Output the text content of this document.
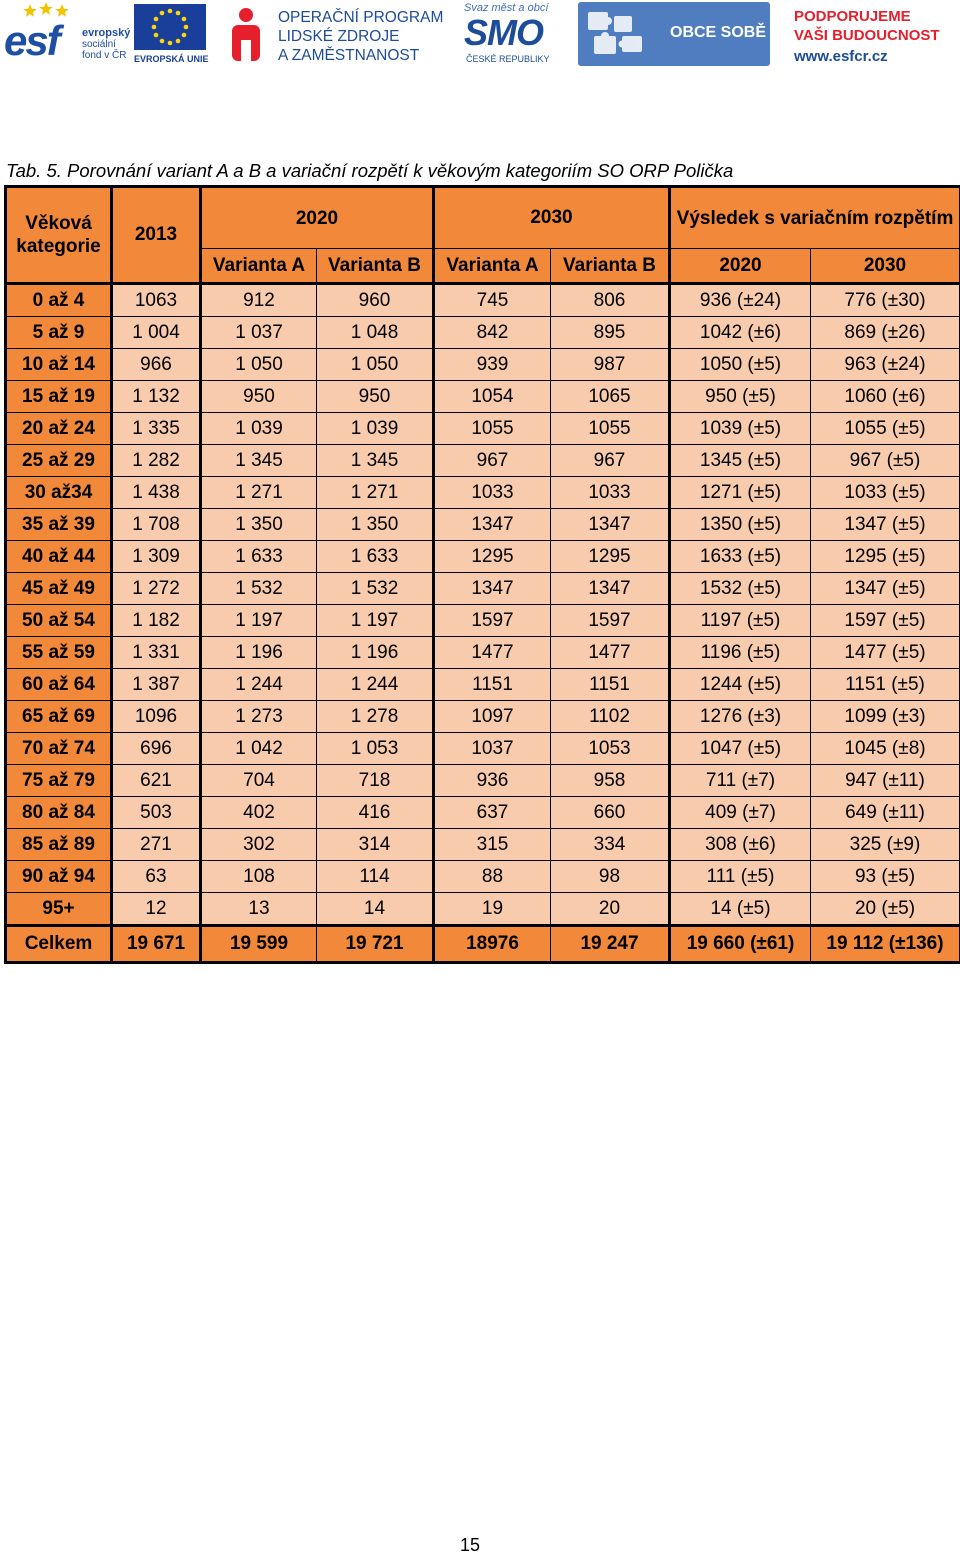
esf evropský
sociální
fond v ČR EVROPSKÁ UNIE
OPERAČNÍ PROGRAM
LIDSKÉ ZDROJE
A ZAMĚSTNANOST
Svaz měst a obcí
SMO
ČESKÉ REPUBLIKY
OBCE SOBĚ
PODPORUJEME
VAŠI BUDOUCNOST
www.esfcr.cz
Tab. 5. Porovnání variant A a B a variační rozpětí k věkovým kategoriím SO ORP Polička
Věková kategorie	2013	2020		2030		Výsledek s variačním rozpětím	
		Varianta A	Varianta B	Varianta A	Varianta B	2020	2030
0 až 4	1063	912	960	745	806	936 (±24)	776 (±30)
5 až 9	1 004	1 037	1 048	842	895	1042 (±6)	869 (±26)
10 až 14	966	1 050	1 050	939	987	1050 (±5)	963 (±24)
15 až 19	1 132	950	950	1054	1065	950 (±5)	1060 (±6)
20 až 24	1 335	1 039	1 039	1055	1055	1039 (±5)	1055 (±5)
25 až 29	1 282	1 345	1 345	967	967	1345 (±5)	967 (±5)
30 až34	1 438	1 271	1 271	1033	1033	1271 (±5)	1033 (±5)
35 až 39	1 708	1 350	1 350	1347	1347	1350 (±5)	1347 (±5)
40 až 44	1 309	1 633	1 633	1295	1295	1633 (±5)	1295 (±5)
45 až 49	1 272	1 532	1 532	1347	1347	1532 (±5)	1347 (±5)
50 až 54	1 182	1 197	1 197	1597	1597	1197 (±5)	1597 (±5)
55 až 59	1 331	1 196	1 196	1477	1477	1196 (±5)	1477 (±5)
60 až 64	1 387	1 244	1 244	1151	1151	1244 (±5)	1151 (±5)
65 až 69	1096	1 273	1 278	1097	1102	1276 (±3)	1099 (±3)
70 až 74	696	1 042	1 053	1037	1053	1047 (±5)	1045 (±8)
75 až 79	621	704	718	936	958	711 (±7)	947 (±11)
80 až 84	503	402	416	637	660	409 (±7)	649 (±11)
85 až 89	271	302	314	315	334	308 (±6)	325 (±9)
90 až 94	63	108	114	88	98	111 (±5)	93 (±5)
95+	12	13	14	19	20	14 (±5)	20 (±5)
Celkem	19 671	19 599	19 721	18976	19 247	19 660 (±61)	19 112 (±136)
15
